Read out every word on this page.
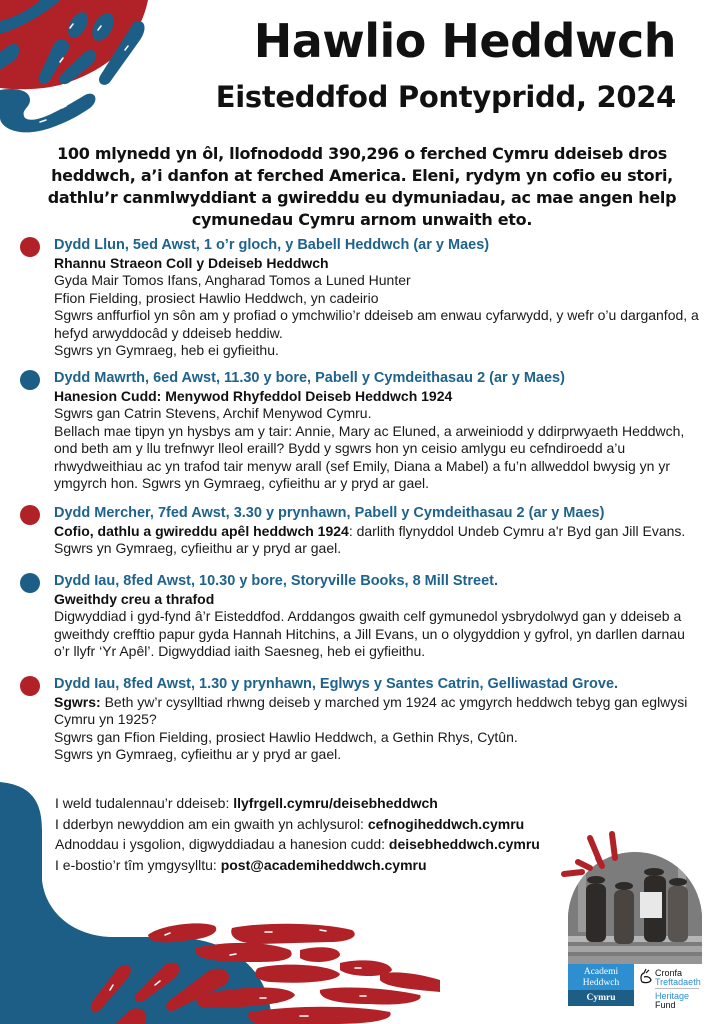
Hawlio Heddwch
Eisteddfod Pontypridd, 2024

100 mlynedd yn ôl, llofnododd 390,296 o ferched Cymru ddeiseb dros heddwch, a’i danfon at ferched America. Eleni, rydym yn cofio eu stori, dathlu’r canmlwyddiant a gwireddu eu dymuniadau, ac mae angen help cymunedau Cymru arnom unwaith eto.

Dydd Llun, 5ed Awst, 1 o’r gloch, y Babell Heddwch (ar y Maes)
Rhannu Straeon Coll y Ddeiseb Heddwch
Gyda Mair Tomos Ifans, Angharad Tomos a Luned Hunter
Ffion Fielding, prosiect Hawlio Heddwch, yn cadeirio
Sgwrs anffurfiol yn sôn am y profiad o ymchwilio’r ddeiseb am enwau cyfarwydd, y wefr o’u darganfod, a hefyd arwyddocâd y ddeiseb heddiw.
Sgwrs yn Gymraeg, heb ei gyfieithu.
Dydd Mawrth, 6ed Awst, 11.30 y bore, Pabell y Cymdeithasau 2 (ar y Maes)
Hanesion Cudd: Menywod Rhyfeddol Deiseb Heddwch 1924
Sgwrs gan Catrin Stevens, Archif Menywod Cymru.
Bellach mae tipyn yn hysbys am y tair: Annie, Mary ac Eluned, a arweiniodd y ddirprwyaeth Heddwch, ond beth am y llu trefnwyr lleol eraill? Bydd y sgwrs hon yn ceisio amlygu eu cefndiroedd a’u rhwydweithiau ac yn trafod tair menyw arall (sef Emily, Diana a Mabel) a fu’n allweddol bwysig yn yr ymgyrch hon. Sgwrs yn Gymraeg, cyfieithu ar y pryd ar gael.
Dydd Mercher, 7fed Awst, 3.30 y prynhawn, Pabell y Cymdeithasau 2 (ar y Maes)
Cofio, dathlu a gwireddu apêl heddwch 1924: darlith flynyddol Undeb Cymru a'r Byd gan Jill Evans. Sgwrs yn Gymraeg, cyfieithu ar y pryd ar gael.
Dydd Iau, 8fed Awst, 10.30 y bore, Storyville Books, 8 Mill Street.
Gweithdy creu a thrafod
Digwyddiad i gyd-fynd â’r Eisteddfod. Arddangos gwaith celf gymunedol ysbrydolwyd gan y ddeiseb a gweithdy crefftio papur gyda Hannah Hitchins, a Jill Evans, un o olygyddion y gyfrol, yn darllen darnau o’r llyfr ‘Yr Apêl’. Digwyddiad iaith Saesneg, heb ei gyfieithu.
Dydd Iau, 8fed Awst, 1.30 y prynhawn, Eglwys y Santes Catrin, Gelliwastad Grove.
Sgwrs: Beth yw’r cysylltiad rhwng deiseb y marched ym 1924 ac ymgyrch heddwch tebyg gan eglwysi Cymru yn 1925?
Sgwrs gan Ffion Fielding, prosiect Hawlio Heddwch, a Gethin Rhys, Cytûn.
Sgwrs yn Gymraeg, cyfieithu ar y pryd ar gael.
I weld tudalennau’r ddeiseb: llyfrgell.cymru/deisebheddwch
I dderbyn newyddion am ein gwaith yn achlysurol: cefnogiheddwch.cymru
Adnoddau i ysgolion, digwyddiadau a hanesion cudd: deisebheddwch.cymru
I e-bostio’r tîm ymgysylltu: post@academiheddwch.cymru
Academi
Heddwch
Cymru
Cronfa
Treftadaeth
Heritage
Fund
